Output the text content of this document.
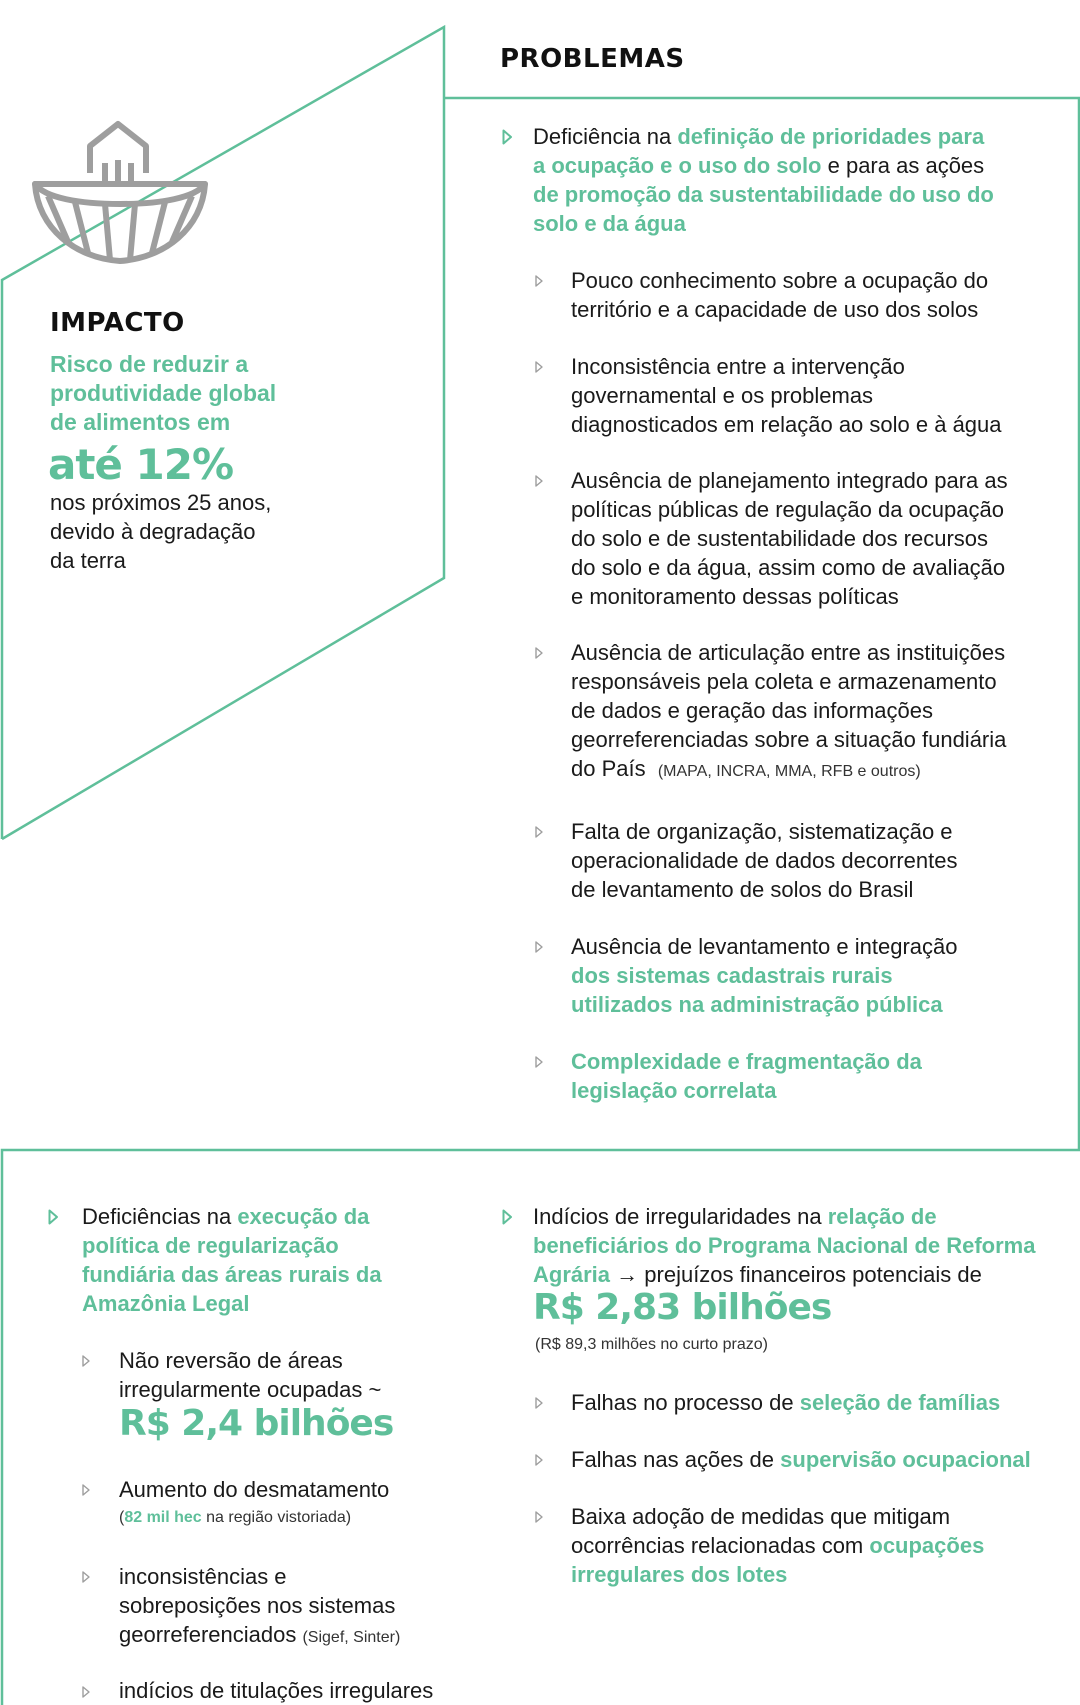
IMPACTO
Risco de reduzir a
produtividade global
de alimentos em
até 12%
nos próximos 25 anos,
devido à degradação
da terra
PROBLEMAS
Deficiência na definição de prioridades para
a ocupação e o uso do solo e para as ações
de promoção da sustentabilidade do uso do
solo e da água
Pouco conhecimento sobre a ocupação do
território e a capacidade de uso dos solos
Inconsistência entre a intervenção
governamental e os problemas
diagnosticados em relação ao solo e à água
Ausência de planejamento integrado para as
políticas públicas de regulação da ocupação
do solo e de sustentabilidade dos recursos
do solo e da água, assim como de avaliação
e monitoramento dessas políticas
Ausência de articulação entre as instituições
responsáveis pela coleta e armazenamento
de dados e geração das informações
georreferenciadas sobre a situação fundiária
do País (MAPA, INCRA, MMA, RFB e outros)
Falta de organização, sistematização e
operacionalidade de dados decorrentes
de levantamento de solos do Brasil
Ausência de levantamento e integração
dos sistemas cadastrais rurais
utilizados na administração pública
Complexidade e fragmentação da
legislação correlata
Deficiências na execução da
política de regularização
fundiária das áreas rurais da
Amazônia Legal
Não reversão de áreas
irregularmente ocupadas ~
R$ 2,4 bilhões
Aumento do desmatamento
(82 mil hec na região vistoriada)
inconsistências e
sobreposições nos sistemas
georreferenciados (Sigef, Sinter)
indícios de titulações irregulares
Indícios de irregularidades na relação de
beneficiários do Programa Nacional de Reforma
Agrária → prejuízos financeiros potenciais de
R$ 2,83 bilhões
(R$ 89,3 milhões no curto prazo)
Falhas no processo de seleção de famílias
Falhas nas ações de supervisão ocupacional
Baixa adoção de medidas que mitigam
ocorrências relacionadas com ocupações
irregulares dos lotes
